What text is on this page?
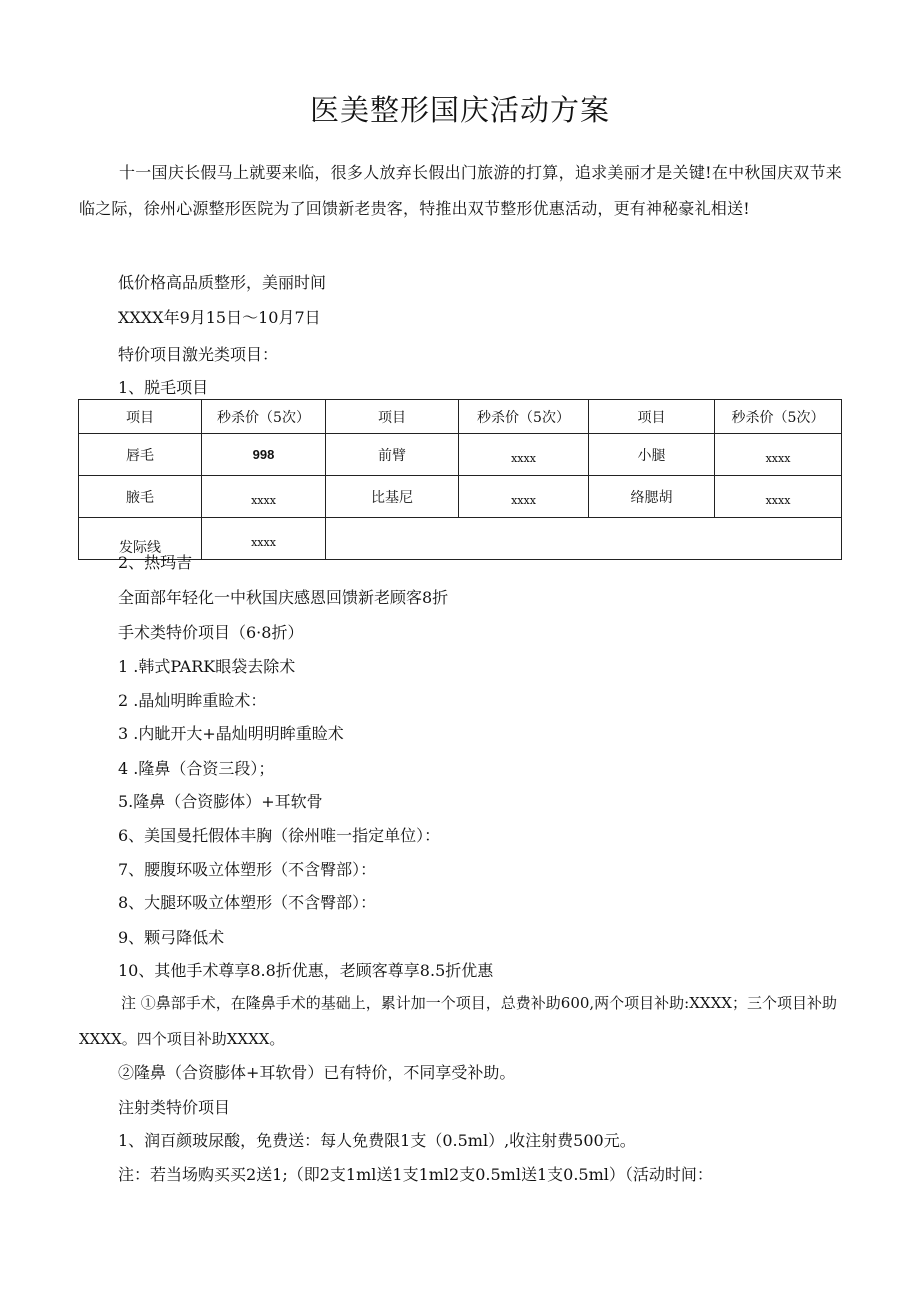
医美整形国庆活动方案
十一国庆长假马上就要来临，很多人放弃长假出门旅游的打算，追求美丽才是关键!在中秋国庆双节来临之际，徐州心源整形医院为了回馈新老贵客，特推出双节整形优惠活动，更有神秘豪礼相送!
低价格高品质整形，美丽时间
XXXX年9月15日～10月7日
特价项目激光类项目：
1、脱毛项目
项目	秒杀价（5次）	项目	秒杀价（5次）	项目	秒杀价（5次）
唇毛	998	前臂	xxxx	小腿	xxxx
腋毛	xxxx	比基尼	xxxx	络腮胡	xxxx
发际线	xxxx				
2、热玛吉
全面部年轻化一中秋国庆感恩回馈新老顾客8折
手术类特价项目（6·8折）
1 .韩式PARK眼袋去除术
2 .晶灿明眸重睑术：
3 .内眦开大+晶灿明明眸重睑术
4 .隆鼻（合资三段）；
5.隆鼻（合资膨体）+耳软骨
6、美国曼托假体丰胸（徐州唯一指定单位）：
7、腰腹环吸立体塑形（不含臀部）：
8、大腿环吸立体塑形（不含臀部）：
9、颗弓降低术
10、其他手术尊享8.8折优惠，老顾客尊享8.5折优惠
注 ①鼻部手术，在隆鼻手术的基础上，累计加一个项目，总费补助600,两个项目补助:XXXX；三个项目补助XXXX。四个项目补助XXXX。
②隆鼻（合资膨体+耳软骨）已有特价，不同享受补助。
注射类特价项目
1、润百颜玻尿酸，免费送：每人免费限1支（0.5ml）,收注射费500元。
注：若当场购买买2送1;（即2支1ml送1支1ml2支0.5ml送1支0.5ml）（活动时间：
